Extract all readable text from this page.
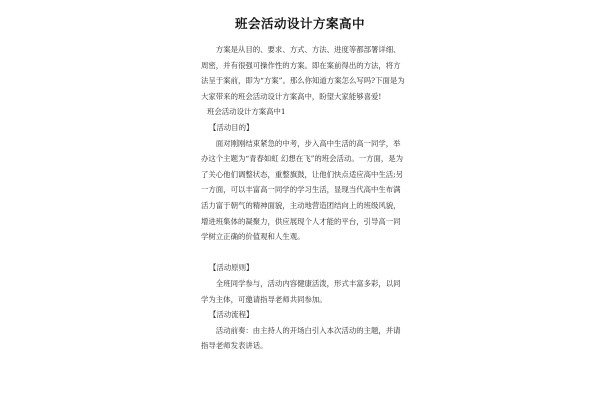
班会活动设计方案高中

方案是从目的、要求、方式、方法、进度等都部署详细、周密，并有很强可操作性的方案。即在案前得出的方法，将方法呈于案前，即为“方案”。那么你知道方案怎么写吗?下面是为大家带来的班会活动设计方案高中，盼望大家能够喜爱!

班会活动设计方案高中1

【活动目的】

面对刚刚结束紧急的中考，步入高中生活的高一同学，举办这个主题为“青春如虹 幻想在飞”的班会活动。一方面，是为了关心他们调整状态，重整旗鼓，让他们快点适应高中生活;另一方面，可以丰富高一同学的学习生活，显现当代高中生布满活力富于朝气的精神面貌，主动地营造团结向上的班级风貌，增进班集体的凝聚力，供应展现个人才能的平台，引导高一同学树立正确的价值观和人生观。

【活动原则】

全班同学参与，活动内容健康活泼，形式丰富多彩，以同学为主体，可邀请指导老师共同参加。

【活动流程】

活动前奏：由主持人的开场白引入本次活动的主题，并请指导老师发表讲话。
